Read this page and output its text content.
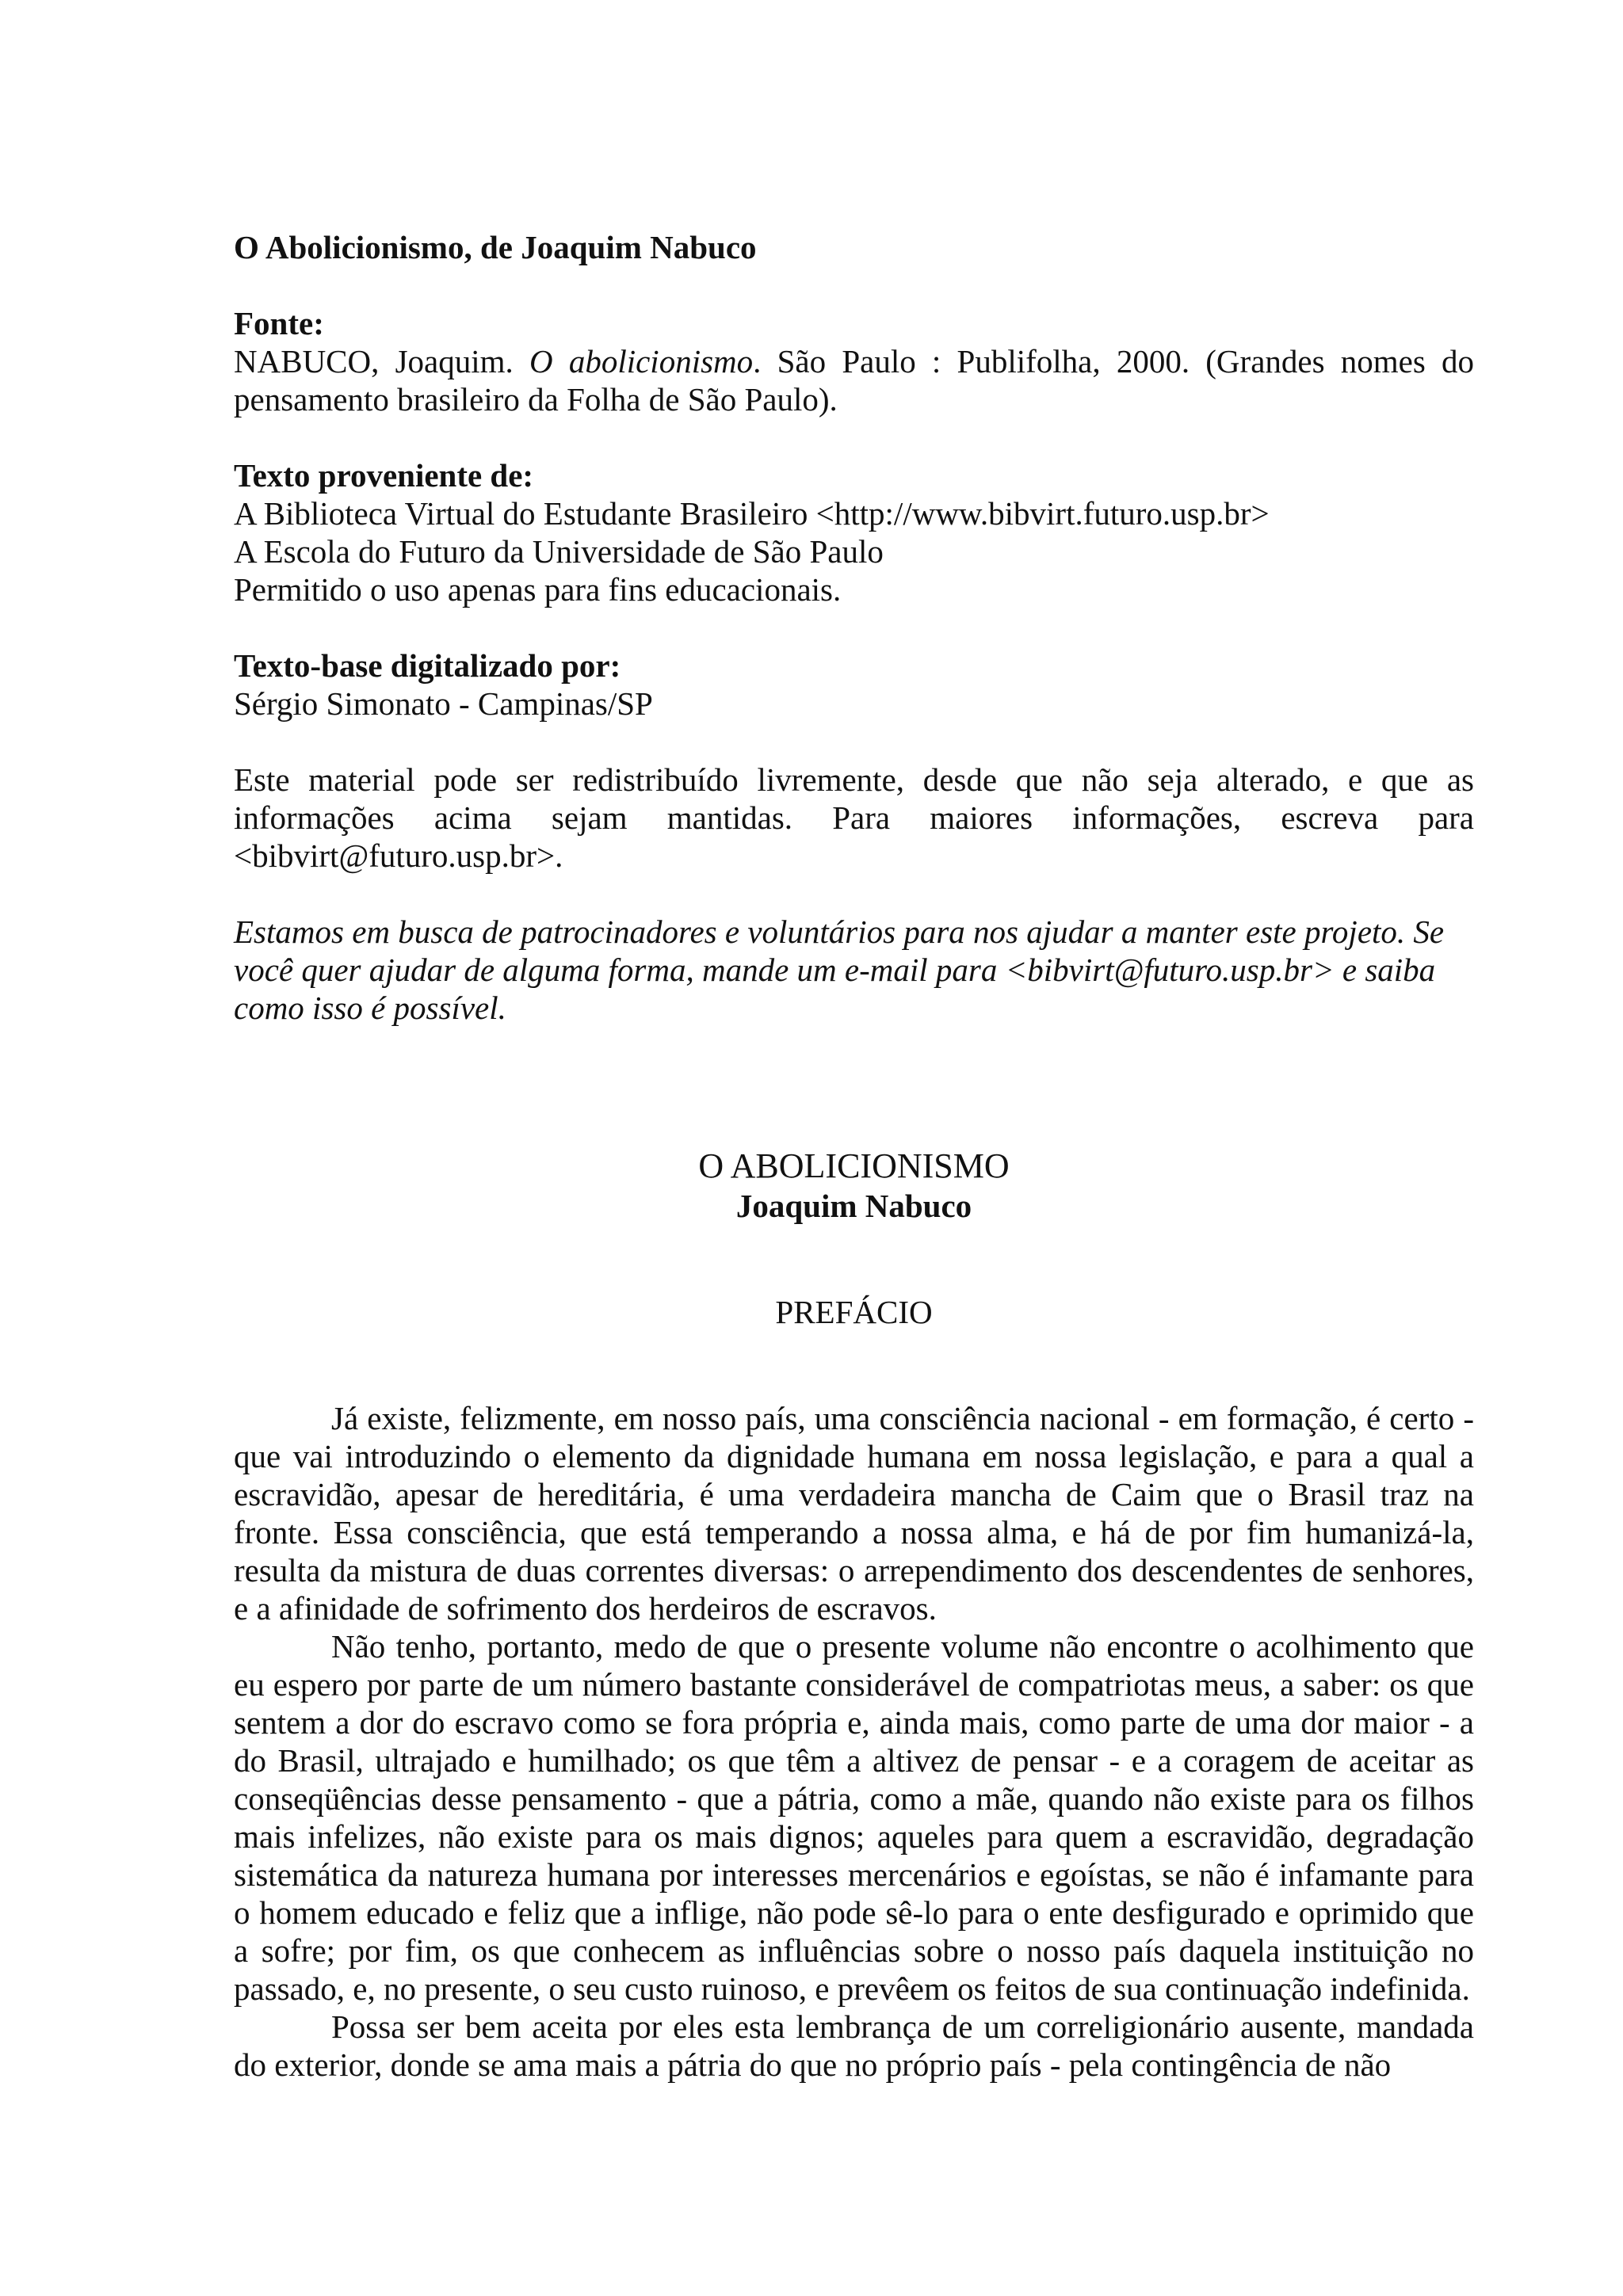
O Abolicionismo, de Joaquim Nabuco
Fonte:
NABUCO, Joaquim. O abolicionismo. São Paulo : Publifolha, 2000. (Grandes nomes do
pensamento brasileiro da Folha de São Paulo).
Texto proveniente de:
A Biblioteca Virtual do Estudante Brasileiro <http://www.bibvirt.futuro.usp.br>
A Escola do Futuro da Universidade de São Paulo
Permitido o uso apenas para fins educacionais.
Texto-base digitalizado por:
Sérgio Simonato - Campinas/SP
Este material pode ser redistribuído livremente, desde que não seja alterado, e que as
informações acima sejam mantidas. Para maiores informações, escreva para
<bibvirt@futuro.usp.br>.
Estamos em busca de patrocinadores e voluntários para nos ajudar a manter este projeto. Se
você quer ajudar de alguma forma, mande um e-mail para <bibvirt@futuro.usp.br> e saiba
como isso é possível.
O ABOLICIONISMO
Joaquim Nabuco
PREFÁCIO

Já existe, felizmente, em nosso país, uma consciência nacional - em formação, é certo - que vai introduzindo o elemento da dignidade humana em nossa legislação, e para a qual a escravidão, apesar de hereditária, é uma verdadeira mancha de Caim que o Brasil traz na fronte. Essa consciência, que está temperando a nossa alma, e há de por fim humanizá-la, resulta da mistura de duas correntes diversas: o arrependimento dos descendentes de senhores, e a afinidade de sofrimento dos herdeiros de escravos.

Não tenho, portanto, medo de que o presente volume não encontre o acolhimento que eu espero por parte de um número bastante considerável de compatriotas meus, a saber: os que sentem a dor do escravo como se fora própria e, ainda mais, como parte de uma dor maior - a do Brasil, ultrajado e humilhado; os que têm a altivez de pensar - e a coragem de aceitar as conseqüências desse pensamento - que a pátria, como a mãe, quando não existe para os filhos mais infelizes, não existe para os mais dignos; aqueles para quem a escravidão, degradação sistemática da natureza humana por interesses mercenários e egoístas, se não é infamante para o homem educado e feliz que a inflige, não pode sê-lo para o ente desfigurado e oprimido que a sofre; por fim, os que conhecem as influências sobre o nosso país daquela instituição no passado, e, no presente, o seu custo ruinoso, e prevêem os feitos de sua continuação indefinida.

Possa ser bem aceita por eles esta lembrança de um correligionário ausente, mandada do exterior, donde se ama mais a pátria do que no próprio país - pela contingência de não
